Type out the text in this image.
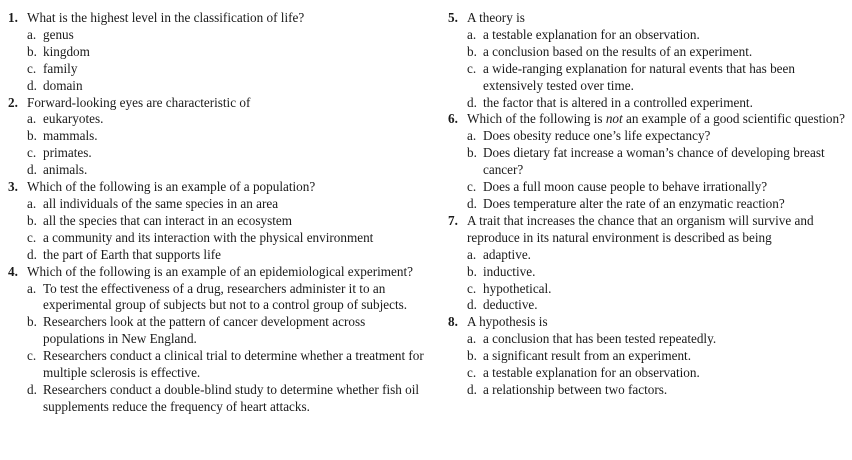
1. What is the highest level in the classification of life?
a. genus
b. kingdom
c. family
d. domain
2. Forward-looking eyes are characteristic of
a. eukaryotes.
b. mammals.
c. primates.
d. animals.
3. Which of the following is an example of a population?
a. all individuals of the same species in an area
b. all the species that can interact in an ecosystem
c. a community and its interaction with the physical environment
d. the part of Earth that supports life
4. Which of the following is an example of an epidemiological experiment?
a. To test the effectiveness of a drug, researchers administer it to an experimental group of subjects but not to a control group of subjects.
b. Researchers look at the pattern of cancer development across populations in New England.
c. Researchers conduct a clinical trial to determine whether a treatment for multiple sclerosis is effective.
d. Researchers conduct a double-blind study to determine whether fish oil supplements reduce the frequency of heart attacks.
5. A theory is
a. a testable explanation for an observation.
b. a conclusion based on the results of an experiment.
c. a wide-ranging explanation for natural events that has been extensively tested over time.
d. the factor that is altered in a controlled experiment.
6. Which of the following is not an example of a good scientific question?
a. Does obesity reduce one’s life expectancy?
b. Does dietary fat increase a woman’s chance of developing breast cancer?
c. Does a full moon cause people to behave irrationally?
d. Does temperature alter the rate of an enzymatic reaction?
7. A trait that increases the chance that an organism will survive and reproduce in its natural environment is described as being
a. adaptive.
b. inductive.
c. hypothetical.
d. deductive.
8. A hypothesis is
a. a conclusion that has been tested repeatedly.
b. a significant result from an experiment.
c. a testable explanation for an observation.
d. a relationship between two factors.
